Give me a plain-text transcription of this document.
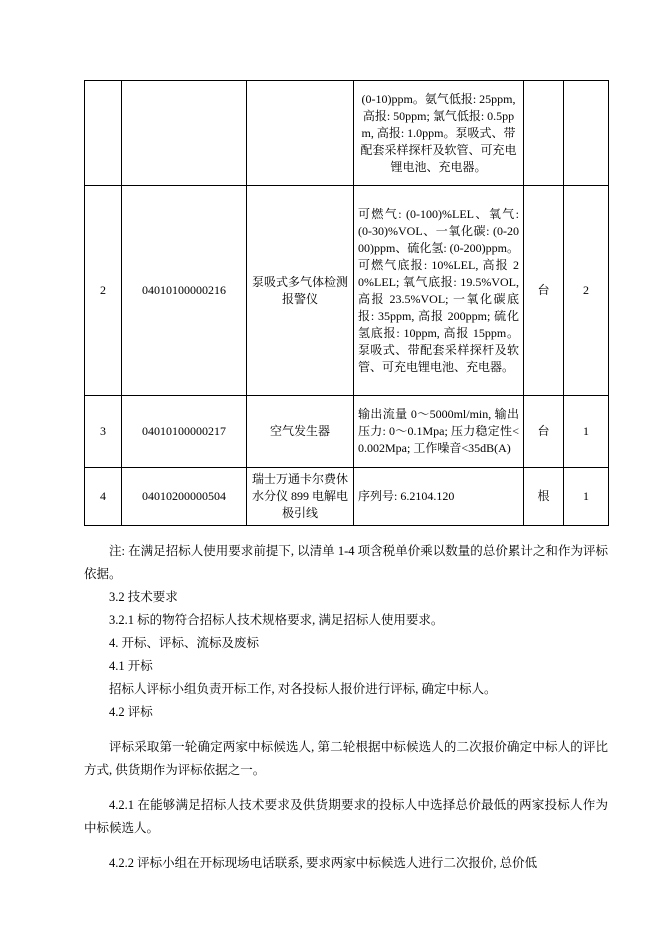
			(0-10)ppm。氨气低报: 25ppm, 高报: 50ppm; 氯气低报: 0.5ppm, 高报: 1.0ppm。泵吸式、带配套采样探杆及软管、可充电锂电池、充电器。		
2	04010100000216	泵吸式多气体检测报警仪	可燃气: (0-100)%LEL、氧气: (0-30)%VOL、一氧化碳: (0-2000)ppm、硫化氢: (0-200)ppm。可燃气底报: 10%LEL, 高报 20%LEL; 氧气底报: 19.5%VOL, 高报 23.5%VOL; 一氧化碳底报: 35ppm, 高报 200ppm; 硫化氢底报: 10ppm, 高报 15ppm。泵吸式、带配套采样探杆及软管、可充电锂电池、充电器。	台	2
3	04010100000217	空气发生器	输出流量 0～5000ml/min, 输出压力: 0～0.1Mpa; 压力稳定性<0.002Mpa; 工作噪音<35dB(A)	台	1
4	04010200000504	瑞士万通卡尔费休水分仪 899 电解电极引线	序列号: 6.2104.120	根	1

注: 在满足招标人使用要求前提下, 以清单 1-4 项含税单价乘以数量的总价累计之和作为评标依据。

3.2 技术要求

3.2.1 标的物符合招标人技术规格要求, 满足招标人使用要求。

4. 开标、评标、流标及废标

4.1 开标

招标人评标小组负责开标工作, 对各投标人报价进行评标, 确定中标人。

4.2 评标

评标采取第一轮确定两家中标候选人, 第二轮根据中标候选人的二次报价确定中标人的评比方式, 供货期作为评标依据之一。

4.2.1 在能够满足招标人技术要求及供货期要求的投标人中选择总价最低的两家投标人作为中标候选人。

4.2.2 评标小组在开标现场电话联系, 要求两家中标候选人进行二次报价, 总价低
